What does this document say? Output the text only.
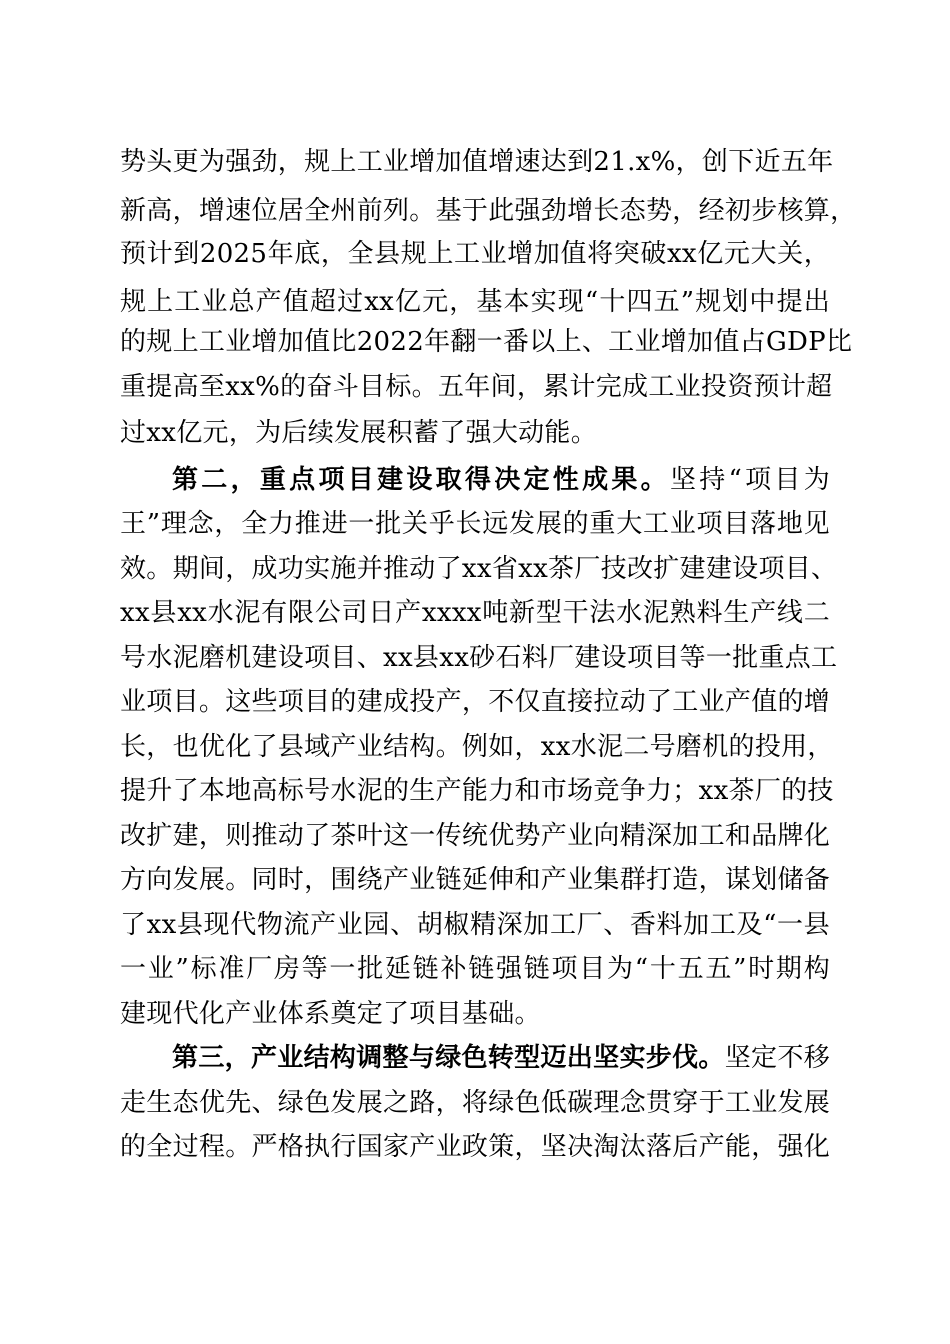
势头更为强劲，规上工业增加值增速达到21.x%，创下近五年
新高，增速位居全州前列。基于此强劲增长态势，经初步核算，
预计到2025年底，全县规上工业增加值将突破xx亿元大关，
规上工业总产值超过xx亿元，基本实现“十四五”规划中提出
的规上工业增加值比2022年翻一番以上、工业增加值占GDP比
重提高至xx%的奋斗目标。五年间，累计完成工业投资预计超
过xx亿元，为后续发展积蓄了强大动能。
第二，重点项目建设取得决定性成果。坚持“项目为
王”理念，全力推进一批关乎长远发展的重大工业项目落地见
效。期间，成功实施并推动了xx省xx茶厂技改扩建建设项目、
xx县xx水泥有限公司日产xxxx吨新型干法水泥熟料生产线二
号水泥磨机建设项目、xx县xx砂石料厂建设项目等一批重点工
业项目。这些项目的建成投产，不仅直接拉动了工业产值的增
长，也优化了县域产业结构。例如，xx水泥二号磨机的投用，
提升了本地高标号水泥的生产能力和市场竞争力；xx茶厂的技
改扩建，则推动了茶叶这一传统优势产业向精深加工和品牌化
方向发展。同时，围绕产业链延伸和产业集群打造，谋划储备
了xx县现代物流产业园、胡椒精深加工厂、香料加工及“一县
一业”标准厂房等一批延链补链强链项目为“十五五”时期构
建现代化产业体系奠定了项目基础。
第三，产业结构调整与绿色转型迈出坚实步伐。坚定不移
走生态优先、绿色发展之路，将绿色低碳理念贯穿于工业发展
的全过程。严格执行国家产业政策，坚决淘汰落后产能，强化
